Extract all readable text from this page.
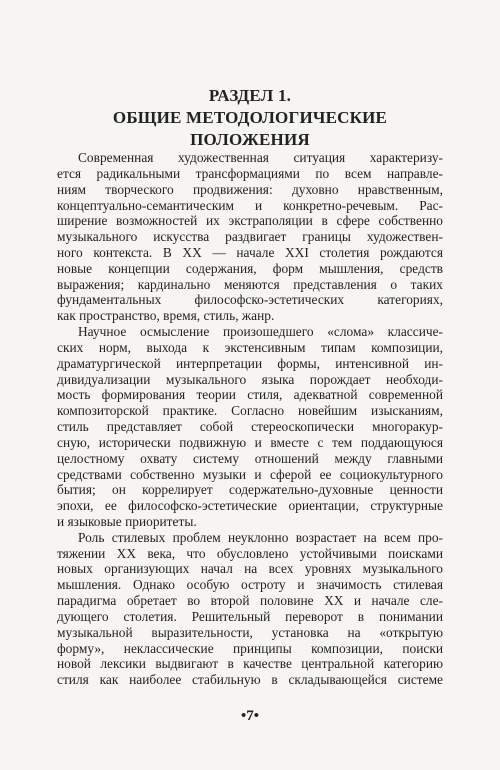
РАЗДЕЛ 1.
ОБЩИЕ МЕТОДОЛОГИЧЕСКИЕ ПОЛОЖЕНИЯ
Современная художественная ситуация характеризу-
ется радикальными трансформациями по всем направле-
ниям творческого продвижения: духовно нравственным,
концептуально-семантическим и конкретно-речевым. Рас-
ширение возможностей их экстраполяции в сфере собственно
музыкального искусства раздвигает границы художествен-
ного контекста. В XX — начале XXI столетия рождаются
новые концепции содержания, форм мышления, средств
выражения; кардинально меняются представления о таких
фундаментальных философско-эстетических категориях,
как пространство, время, стиль, жанр.
Научное осмысление произошедшего «слома» классиче-
ских норм, выхода к экстенсивным типам композиции,
драматургической интерпретации формы, интенсивной ин-
дивидуализации музыкального языка порождает необходи-
мость формирования теории стиля, адекватной современной
композиторской практике. Согласно новейшим изысканиям,
стиль представляет собой стереоскопически многоракур-
сную, исторически подвижную и вместе с тем поддающуюся
целостному охвату систему отношений между главными
средствами собственно музыки и сферой ее социокультурного
бытия; он коррелирует содержательно-духовные ценности
эпохи, ее философско-эстетические ориентации, структурные
и языковые приоритеты.
Роль стилевых проблем неуклонно возрастает на всем про-
тяжении XX века, что обусловлено устойчивыми поисками
новых организующих начал на всех уровнях музыкального
мышления. Однако особую остроту и значимость стилевая
парадигма обретает во второй половине XX и начале сле-
дующего столетия. Решительный переворот в понимании
музыкальной выразительности, установка на «открытую
форму», неклассические принципы композиции, поиски
новой лексики выдвигают в качестве центральной категорию
стиля как наиболее стабильную в складывающейся системе
•7•
